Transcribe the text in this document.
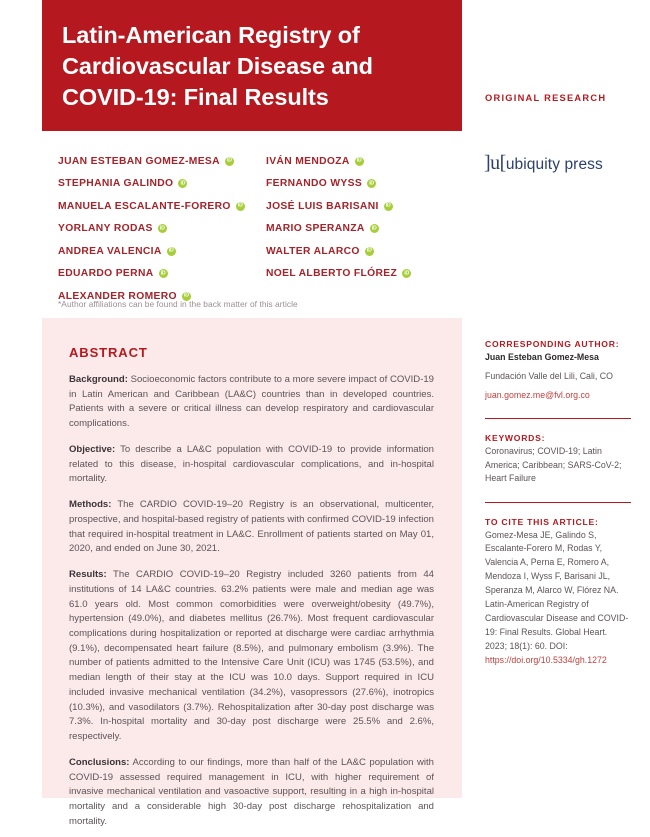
Latin-American Registry of Cardiovascular Disease and COVID-19: Final Results	ORIGINAL RESEARCH
]u[ubiquity press
JUAN ESTEBAN GOMEZ-MESA
iD
STEPHANIA GALINDO
iD
MANUELA ESCALANTE-FORERO
iD
YORLANY RODAS
iD
ANDREA VALENCIA
iD
EDUARDO PERNA
iD
ALEXANDER ROMERO
iD
IVÁN MENDOZA
iD
FERNANDO WYSS
iD
JOSÉ LUIS BARISANI
iD
MARIO SPERANZA
iD
WALTER ALARCO
iD
NOEL ALBERTO FLÓREZ
iD
*Author affiliations can be found in the back matter of this article
ABSTRACT

Background: Socioeconomic factors contribute to a more severe impact of COVID-19 in Latin American and Caribbean (LA&C) countries than in developed countries. Patients with a severe or critical illness can develop respiratory and cardiovascular complications.

Objective: To describe a LA&C population with COVID-19 to provide information related to this disease, in-hospital cardiovascular complications, and in-hospital mortality.

Methods: The CARDIO COVID-19–20 Registry is an observational, multicenter, prospective, and hospital-based registry of patients with confirmed COVID-19 infection that required in-hospital treatment in LA&C. Enrollment of patients started on May 01, 2020, and ended on June 30, 2021.

Results: The CARDIO COVID-19–20 Registry included 3260 patients from 44 institutions of 14 LA&C countries. 63.2% patients were male and median age was 61.0 years old. Most common comorbidities were overweight/obesity (49.7%), hypertension (49.0%), and diabetes mellitus (26.7%). Most frequent cardiovascular complications during hospitalization or reported at discharge were cardiac arrhythmia (9.1%), decompensated heart failure (8.5%), and pulmonary embolism (3.9%). The number of patients admitted to the Intensive Care Unit (ICU) was 1745 (53.5%), and median length of their stay at the ICU was 10.0 days. Support required in ICU included invasive mechanical ventilation (34.2%), vasopressors (27.6%), inotropics (10.3%), and vasodilators (3.7%). Rehospitalization after 30-day post discharge was 7.3%. In-hospital mortality and 30-day post discharge were 25.5% and 2.6%, respectively.

Conclusions: According to our findings, more than half of the LA&C population with COVID-19 assessed required management in ICU, with higher requirement of invasive mechanical ventilation and vasoactive support, resulting in a high in-hospital mortality and a considerable high 30-day post discharge rehospitalization and mortality.

CORRESPONDING AUTHOR:
Juan Esteban Gomez-Mesa
Fundación Valle del Lili, Cali, CO
juan.gomez.me@fvl.org.co
KEYWORDS:
Coronavirus; COVID-19; Latin America; Caribbean; SARS-CoV-2; Heart Failure
TO CITE THIS ARTICLE:

Gomez-Mesa JE, Galindo S, Escalante-Forero M, Rodas Y, Valencia A, Perna E, Romero A, Mendoza I, Wyss F, Barisani JL, Speranza M, Alarco W, Flórez NA. Latin-American Registry of Cardiovascular Disease and COVID-19: Final Results. Global Heart. 2023; 18(1): 60. DOI: https://doi.org/10.5334/gh.1272
